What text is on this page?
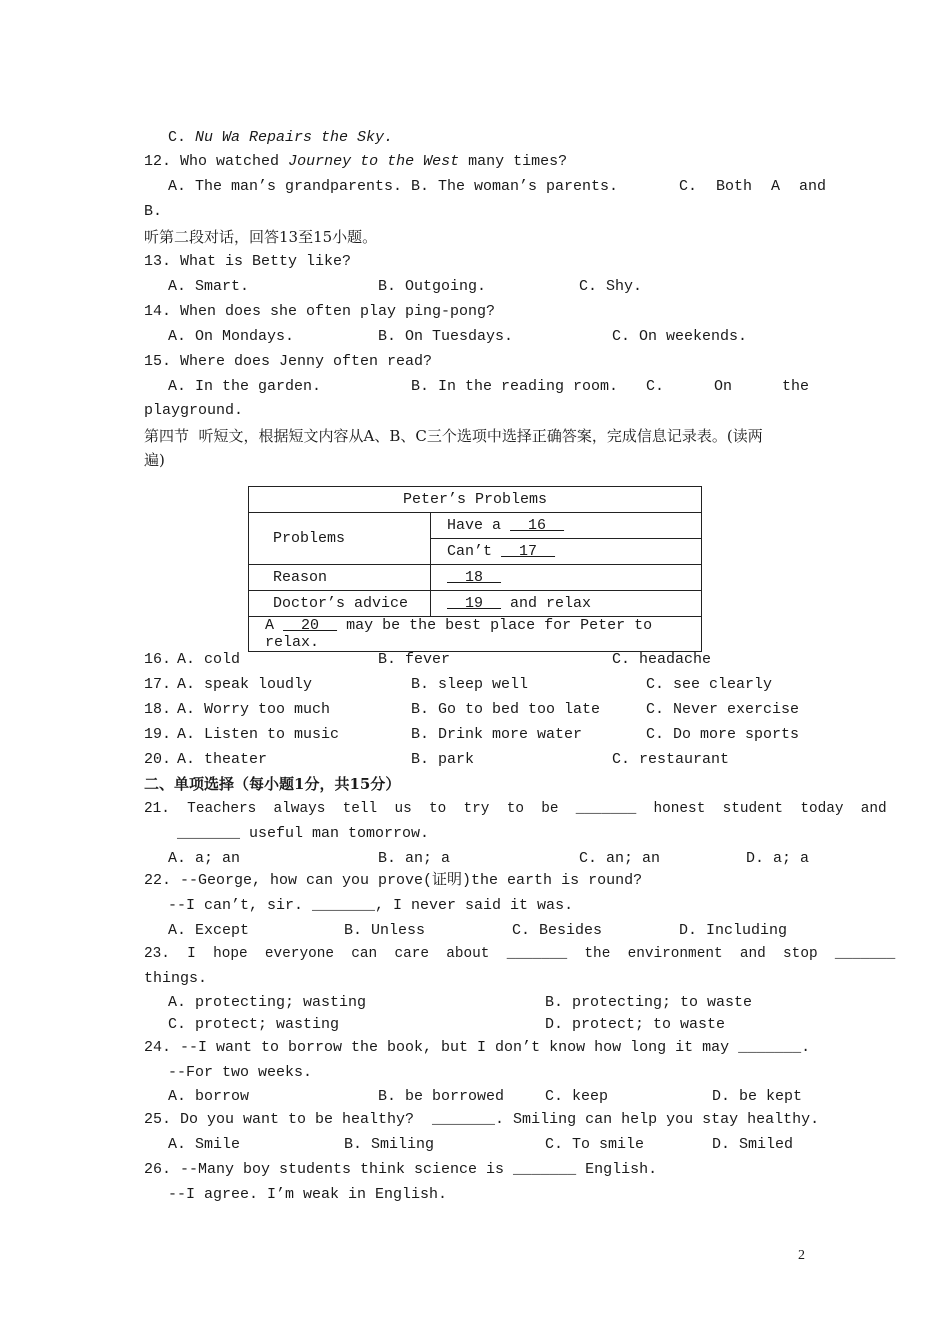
C. Nu Wa Repairs the Sky.
12. Who watched Journey to the West many times?
A. The man’s grandparents. B. The woman’s parents.	C. Both A and
B.
听第二段对话，回答13至15小题。
13. What is Betty like?
A. Smart.	B. Outgoing.	C. Shy.
14. When does she often play ping-pong?
A. On Mondays.	B. On Tuesdays.	C. On weekends.
15. Where does Jenny often read?
A. In the garden.	B. In the reading room. C.	On	the
playground.
第四节  听短文，根据短文内容从A、B、C三个选项中选择正确答案，完成信息记录表。(读两
遍)
Peter’s Problems	
Problems	Have a   16
	Can’t   17
Reason	18
Doctor’s advice	19   and relax
A   20   may be the best place for Peter to relax.	
16. A. cold	B. fever	C. headache
17. A. speak loudly	B. sleep well	C. see clearly
18. A. Worry too much	B. Go to bed too late	C. Never exercise
19. A. Listen to music	B. Drink more water	C. Do more sports
20. A. theater	B. park	C. restaurant
二、单项选择（每小题1分，共15分）
21.  Teachers  always  tell  us  to  try  to  be  _______  honest  student  today  and
_______ useful man tomorrow.
A. a; an	B. an; a	C. an; an	D. a; a
22. --George, how can you prove(证明)the earth is round?
--I can’t, sir. _______, I never said it was.
A. Except	B. Unless	C. Besides	D. Including
23.  I  hope  everyone  can  care  about  _______  the  environment  and  stop  _______
things.
A. protecting; wasting	B. protecting; to waste
C. protect; wasting	D. protect; to waste
24. --I want to borrow the book, but I don’t know how long it may _______.
--For two weeks.
A. borrow	B. be borrowed	C. keep	D. be kept
25. Do you want to be healthy?  _______. Smiling can help you stay healthy.
A. Smile	B. Smiling	C. To smile	D. Smiled
26. --Many boy students think science is _______ English.
--I agree. I’m weak in English.
2
